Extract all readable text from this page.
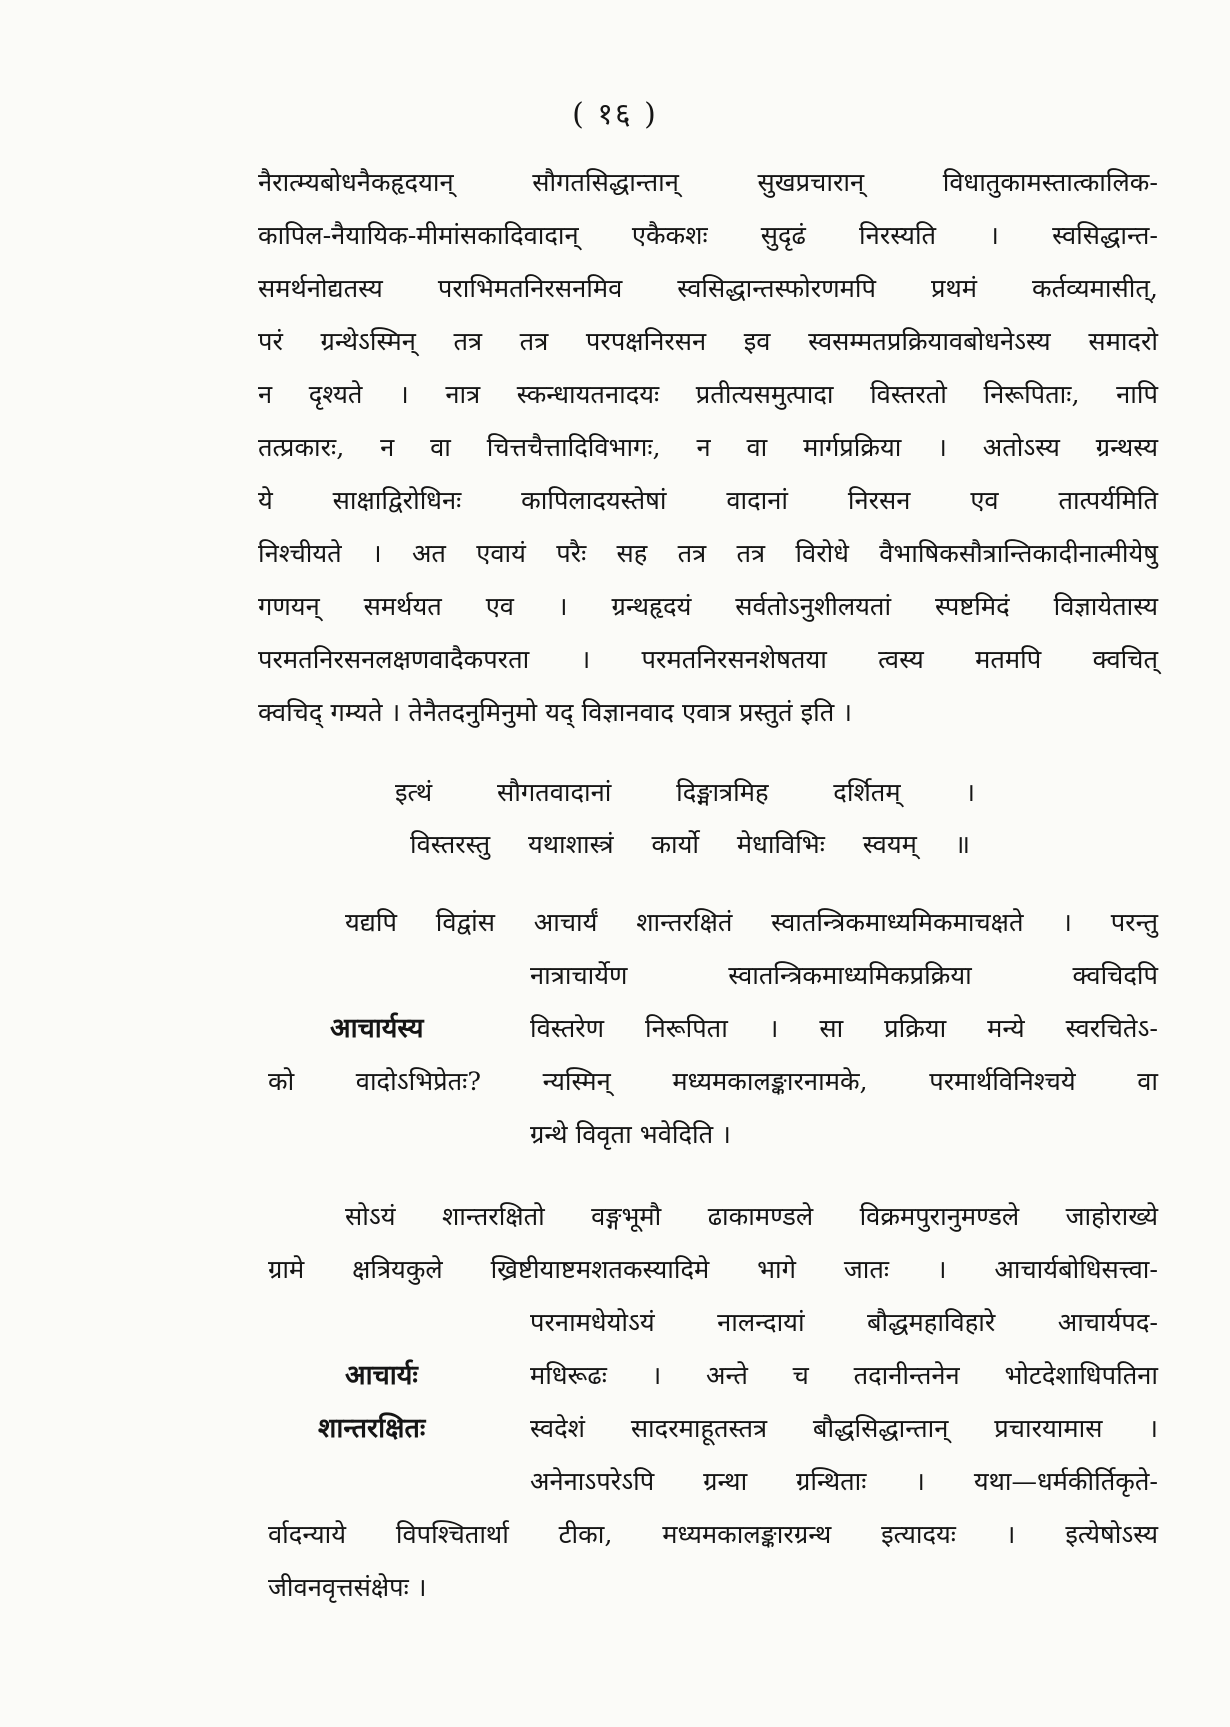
( १६ )
नैरात्म्यबोधनैकहृदयान् सौगतसिद्धान्तान् सुखप्रचारान् विधातुकामस्तात्कालिक-
कापिल-नैयायिक-मीमांसकादिवादान् एकैकशः सुदृढं निरस्यति । स्वसिद्धान्त-
समर्थनोद्यतस्य पराभिमतनिरसनमिव स्वसिद्धान्तस्फोरणमपि प्रथमं कर्तव्यमासीत्,
परं ग्रन्थेऽस्मिन् तत्र तत्र परपक्षनिरसन इव स्वसम्मतप्रक्रियावबोधनेऽस्य समादरो
न दृश्यते । नात्र स्कन्धायतनादयः प्रतीत्यसमुत्पादा विस्तरतो निरूपिताः, नापि
तत्प्रकारः, न वा चित्तचैत्तादिविभागः, न वा मार्गप्रक्रिया । अतोऽस्य ग्रन्थस्य
ये साक्षाद्विरोधिनः कापिलादयस्तेषां वादानां निरसन एव तात्पर्यमिति
निश्चीयते । अत एवायं परैः सह तत्र तत्र विरोधे वैभाषिकसौत्रान्तिकादीनात्मीयेषु
गणयन् समर्थयत एव । ग्रन्थहृदयं सर्वतोऽनुशीलयतां स्पष्टमिदं विज्ञायेतास्य
परमतनिरसनलक्षणवादैकपरता । परमतनिरसनशेषतया त्वस्य मतमपि क्वचित्
क्वचिद् गम्यते । तेनैतदनुमिनुमो यद् विज्ञानवाद एवात्र प्रस्तुतं इति ।
इत्थं सौगतवादानां दिङ्मात्रमिह दर्शितम् ।
विस्तरस्तु यथाशास्त्रं कार्यो मेधाविभिः स्वयम् ॥
यद्यपि विद्वांस आचार्यं शान्तरक्षितं स्वातन्त्रिकमाध्यमिकमाचक्षते । परन्तु
नात्राचार्येण स्वातन्त्रिकमाध्यमिकप्रक्रिया क्वचिदपि
आचार्यस्य	विस्तरेण निरूपिता । सा प्रक्रिया मन्ये स्वरचितेऽ-
को वादोऽभिप्रेतः? न्यस्मिन् मध्यमकालङ्कारनामके, परमार्थविनिश्चये वा
ग्रन्थे विवृता भवेदिति ।
सोऽयं शान्तरक्षितो वङ्गभूमौ ढाकामण्डले विक्रमपुरानुमण्डले जाहोराख्ये
ग्रामे क्षत्रियकुले ख्रिष्टीयाष्टमशतकस्यादिमे भागे जातः । आचार्यबोधिसत्त्वा-
परनामधेयोऽयं नालन्दायां बौद्धमहाविहारे आचार्यपद-
आचार्यः	मधिरूढः । अन्ते च तदानीन्तनेन भोटदेशाधिपतिना
शान्तरक्षितः	स्वदेशं सादरमाहूतस्तत्र बौद्धसिद्धान्तान् प्रचारयामास ।
अनेनाऽपरेऽपि ग्रन्था ग्रन्थिताः । यथा—धर्मकीर्तिकृते-
र्वादन्याये विपश्चितार्था टीका, मध्यमकालङ्कारग्रन्थ इत्यादयः । इत्येषोऽस्य
जीवनवृत्तसंक्षेपः ।
